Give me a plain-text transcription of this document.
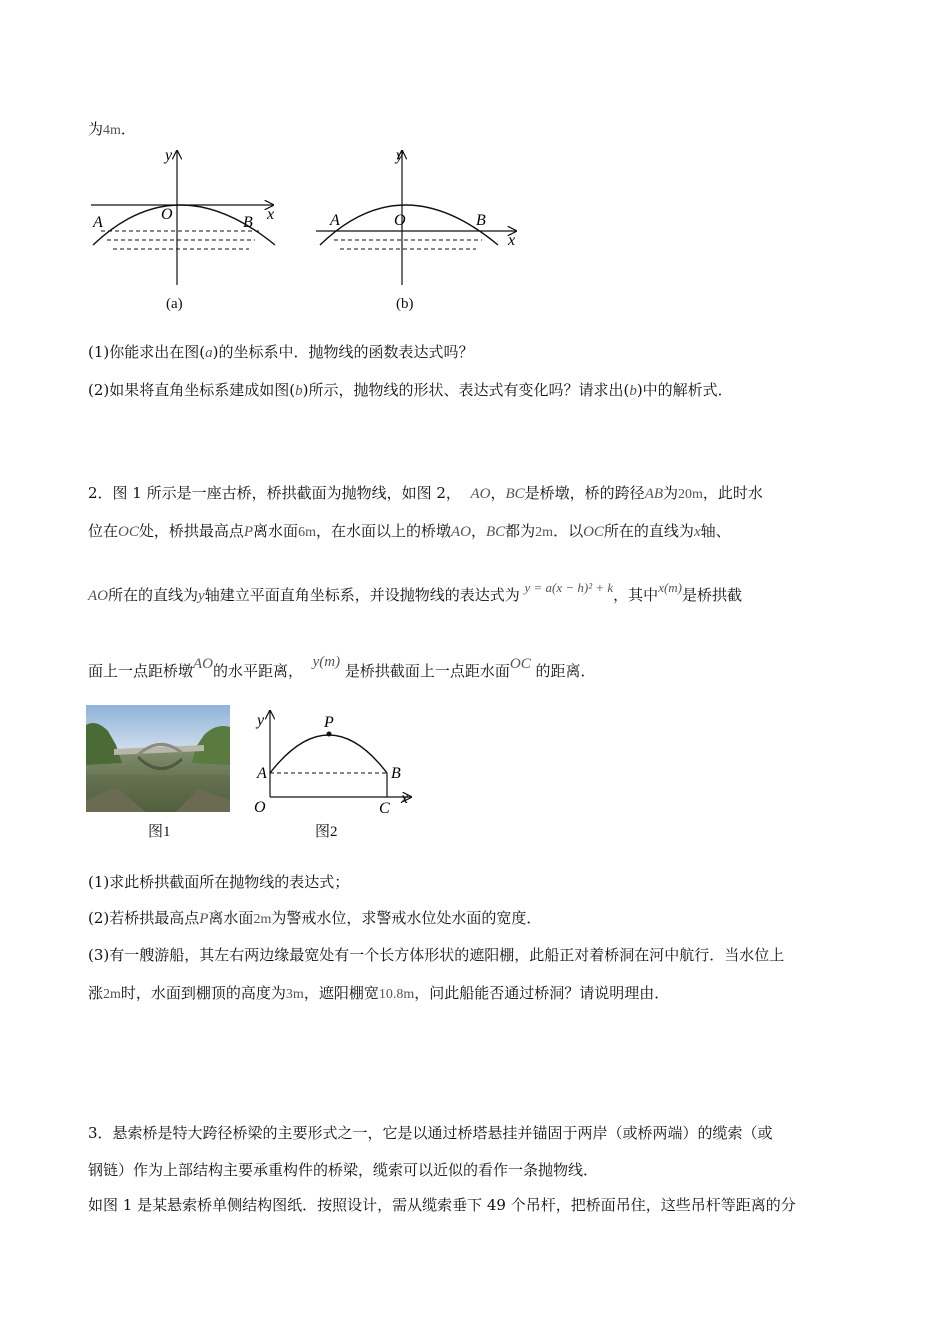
为4m．
y
x
O
A	B
(a)
y
x
O
A	B
(b)
(1)你能求出在图(a)的坐标系中．抛物线的函数表达式吗？
(2)如果将直角坐标系建成如图(b)所示，抛物线的形状、表达式有变化吗？请求出(b)中的解析式．
2．图 1 所示是一座古桥，桥拱截面为抛物线，如图 2， AO，BC是桥墩，桥的跨径AB为20m，此时水
位在OC处，桥拱最高点P离水面6m，在水面以上的桥墩AO，BC都为2m．以OC所在的直线为x轴、
AO所在的直线为y轴建立平面直角坐标系，并设抛物线的表达式为 y = a(x − h)² + k，其中x(m)是桥拱截
面上一点距桥墩AO的水平距离， y(m) 是桥拱截面上一点距水面OC 的距离．
图1
y	P
A	B
O	C
x
图2
(1)求此桥拱截面所在抛物线的表达式；
(2)若桥拱最高点P离水面2m为警戒水位，求警戒水位处水面的宽度．
(3)有一艘游船，其左右两边缘最宽处有一个长方体形状的遮阳棚，此船正对着桥洞在河中航行．当水位上
涨2m时，水面到棚顶的高度为3m，遮阳棚宽10.8m，问此船能否通过桥洞？请说明理由．
3．悬索桥是特大跨径桥梁的主要形式之一，它是以通过桥塔悬挂并锚固于两岸（或桥两端）的缆索（或
钢链）作为上部结构主要承重构件的桥梁，缆索可以近似的看作一条抛物线．
如图 1 是某悬索桥单侧结构图纸．按照设计，需从缆索垂下 49 个吊杆，把桥面吊住，这些吊杆等距离的分
